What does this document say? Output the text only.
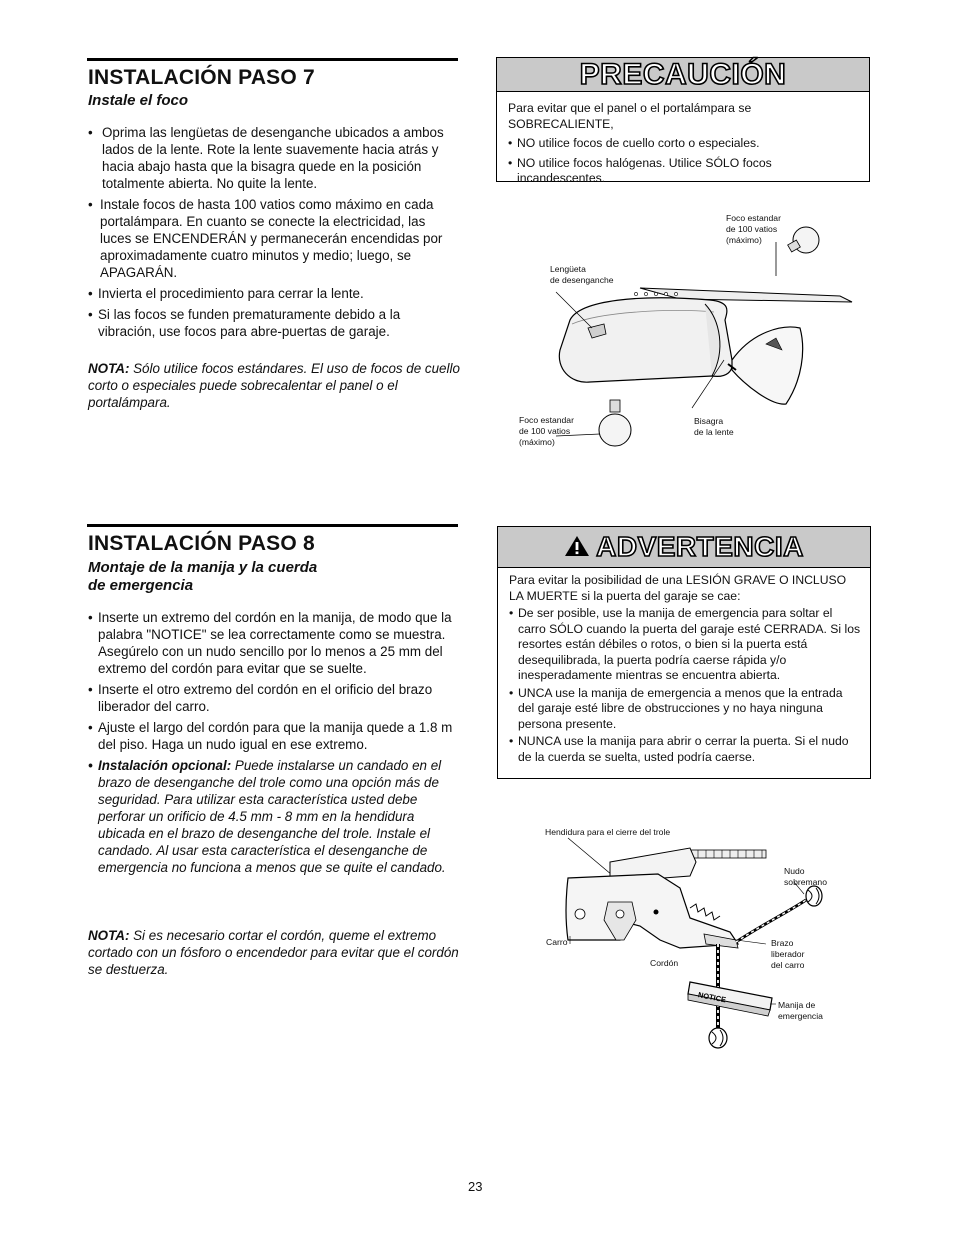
INSTALACIÓN PASO 7
Instale el foco
• Oprima las lengüetas de desenganche ubicados a ambos lados de la lente. Rote la lente suavemente hacia atrás y hacia abajo hasta que la bisagra quede en la posición totalmente abierta. No quite la lente.
• Instale focos de hasta 100 vatios como máximo en cada portalámpara. En cuanto se conecte la electricidad, las luces se ENCENDERÁN y permanecerán encendidas por aproximadamente cuatro minutos y medio; luego, se APAGARÁN.
• Invierta el procedimiento para cerrar la lente.
• Si las focos se funden prematuramente debido a la vibración, use focos para abre-puertas de garaje.
NOTA: Sólo utilice focos estándares. El uso de focos de cuello corto o especiales puede sobrecalentar el panel o el portalámpara.
PRECAUCIÓN
Para evitar que el panel o el portalámpara se SOBRECALIENTE,
• NO utilice focos de cuello corto o especiales.
• NO utilice focos halógenas. Utilice SÓLO focos incandescentes.
Foco estandar
de 100 vatios
(máximo)
Lengüeta
de desenganche
Foco estandar
de 100 vatios
(máximo)
Bisagra
de la lente
INSTALACIÓN PASO 8
Montaje de la manija y la cuerda
de emergencia
• Inserte un extremo del cordón en la manija, de modo que la palabra "NOTICE" se lea correctamente como se muestra. Asegúrelo con un nudo sencillo por lo menos a 25 mm del extremo del cordón para evitar que se suelte.
• Inserte el otro extremo del cordón en el orificio del brazo liberador del carro.
• Ajuste el largo del cordón para que la manija quede a 1.8 m del piso. Haga un nudo igual en ese extremo.
• Instalación opcional: Puede instalarse un candado en el brazo de desenganche del trole como una opción más de seguridad. Para utilizar esta característica usted debe perforar un orificio de 4.5 mm - 8 mm en la hendidura ubicada en el brazo de desenganche del trole. Instale el candado. Al usar esta característica el desenganche de emergencia no funciona a menos que se quite el candado.
NOTA: Si es necesario cortar el cordón, queme el extremo cortado con un fósforo o encendedor para evitar que el cordón se destuerza.
ADVERTENCIA
Para evitar la posibilidad de una LESIÓN GRAVE O INCLUSO LA MUERTE si la puerta del garaje se cae:
• De ser posible, use la manija de emergencia para soltar el carro SÓLO cuando la puerta del garaje esté CERRADA. Si los resortes están débiles o rotos, o bien si la puerta está desequilibrada, la puerta podría caerse rápida y/o inesperadamente mientras se encuentra abierta.
• UNCA use la manija de emergencia a menos que la entrada del garaje esté libre de obstrucciones y no haya ninguna persona presente.
• NUNCA use la manija para abrir o cerrar la puerta. Si el nudo de la cuerda se suelta, usted podría caerse.
NOTICE
Hendidura para el cierre del trole
Nudo
sobremano
Carro	Brazo
liberador
del carro
Cordón
Manija de
emergencia
23
